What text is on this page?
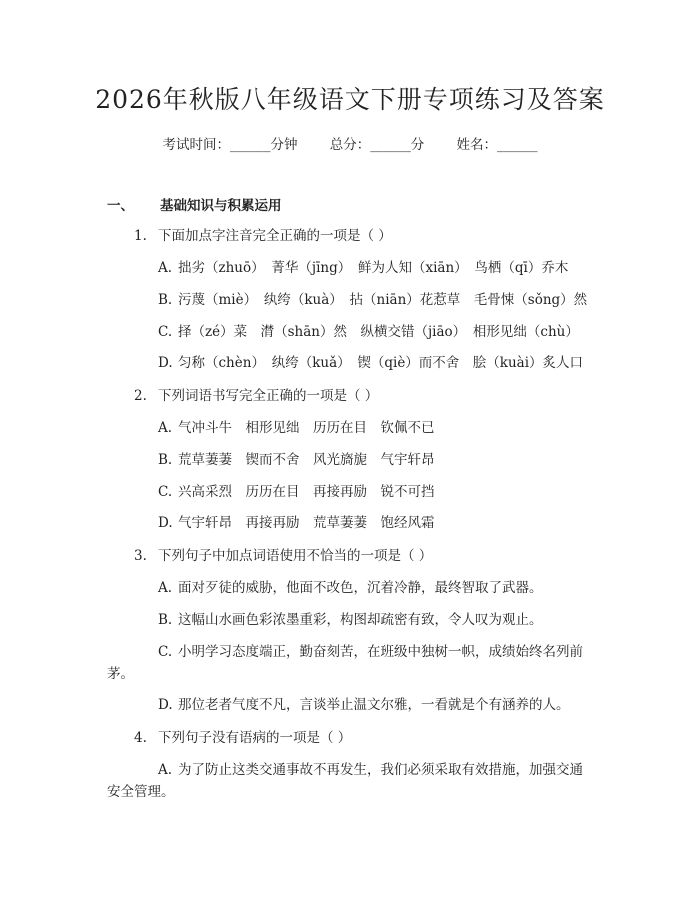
2026年秋版八年级语文下册专项练习及答案
考试时间：______分钟 总分：______分 姓名：______
一、 基础知识与积累运用
1. 下面加点字注音完全正确的一项是（ ）
A. 拙劣（zhuō）　菁华（jīng）　鲜为人知（xiān）　鸟栖（qī）乔木
B. 污蔑（miè）　纨绔（kuà）　拈（niān）花惹草　毛骨悚（sǒng）然
C. 择（zé）菜　潸（shān）然　纵横交错（jiāo）　相形见绌（chù）
D. 匀称（chèn）　纨绔（kuǎ）　锲（qiè）而不舍　脍（kuài）炙人口
2. 下列词语书写完全正确的一项是（ ）
A. 气冲斗牛　相形见绌　历历在目　钦佩不已
B. 荒草萋萋　锲而不舍　风光旖旎　气宇轩昂
C. 兴高采烈　历历在目　再接再励　锐不可挡
D. 气宇轩昂　再接再励　荒草萋萋　饱经风霜
3. 下列句子中加点词语使用不恰当的一项是（ ）
A. 面对歹徒的威胁，他面不改色，沉着冷静，最终智取了武器。
B. 这幅山水画色彩浓墨重彩，构图却疏密有致，令人叹为观止。
C. 小明学习态度端正，勤奋刻苦，在班级中独树一帜，成绩始终名列前
茅。
D. 那位老者气度不凡，言谈举止温文尔雅，一看就是个有涵养的人。
4. 下列句子没有语病的一项是（ ）
A. 为了防止这类交通事故不再发生，我们必须采取有效措施，加强交通
安全管理。
